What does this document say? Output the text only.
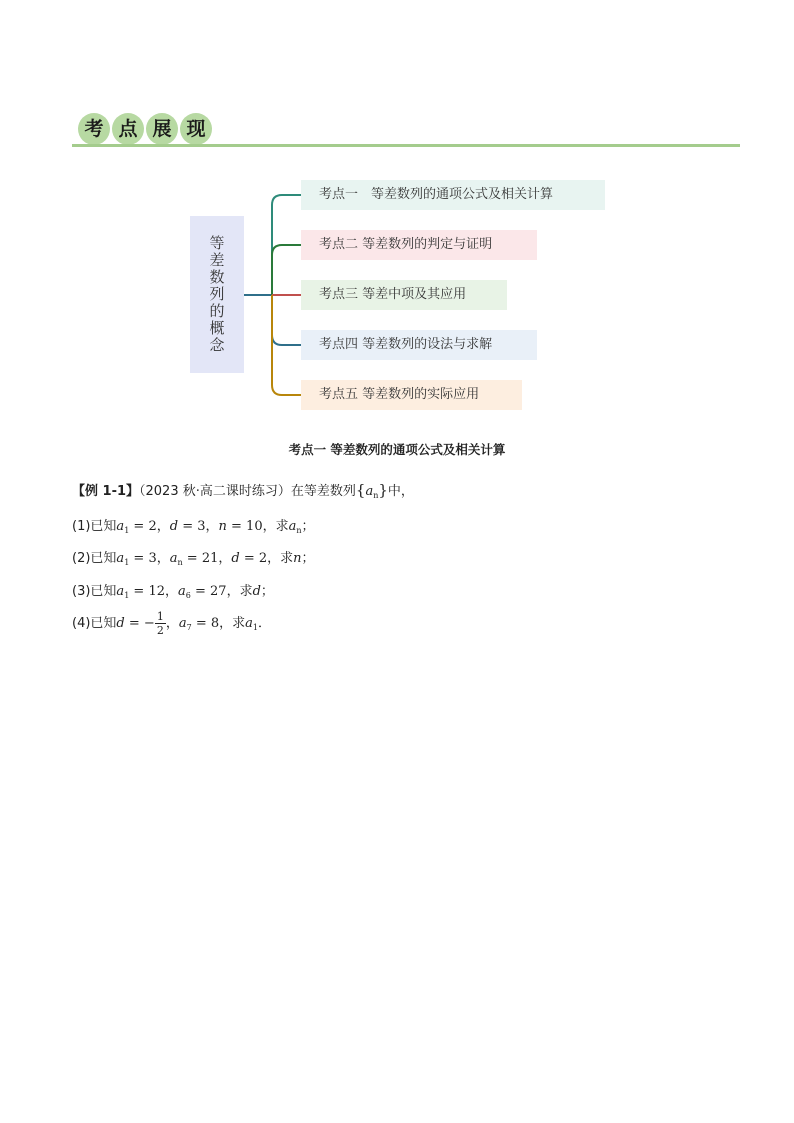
考 点 展 现
等差数列的概念
考点一　等差数列的通项公式及相关计算
考点二 等差数列的判定与证明
考点三 等差中项及其应用
考点四 等差数列的设法与求解
考点五 等差数列的实际应用
考点一 等差数列的通项公式及相关计算
【例 1-1】（2023 秋·高二课时练习）在等差数列$\{a_n\}$中，
(1)已知$a_1 = 2$，d = 3，n = 10，求$a_n$；
(2)已知$a_1 = 3$，$a_n = 21$，d = 2，求n；
(3)已知$a_1 = 12$，$a_6 = 27$，求d；
(4)已知d = − $\frac{1}{2}$ ，$a_7 = 8$，求$a_1$．
